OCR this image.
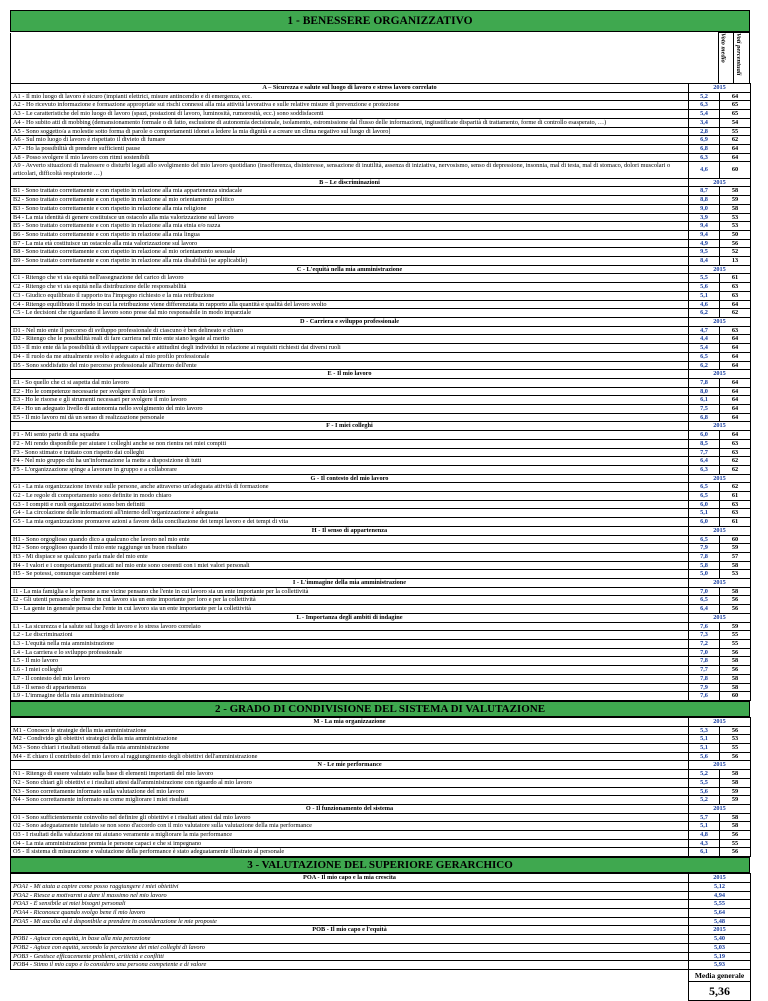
1 - BENESSERE ORGANIZZATIVO
	Voto medio	Voti percentuali
A – Sicurezza e salute sul luogo di lavoro e stress lavoro correlato	2015	
A1 - Il mio luogo di lavoro è sicuro (impianti elettrici, misure antincendio e di emergenza, ecc.	5,2	64
A2 - Ho ricevuto informazione e formazione appropriate sui rischi connessi alla mia attività lavorativa e sulle relative misure di prevenzione e protezione	6,3	65
A3 - Le caratteristiche del mio luogo di lavoro (spazi, postazioni di lavoro, luminosità, rumorosità, ecc.) sono soddisfacenti	5,4	65
A4 - Ho subito atti di mobbing (demansionamento formale o di fatto, esclusione di autonomia decisionale, isolamento, estromissione dal flusso delle informazioni, ingiustificate disparità di trattamento, forme di controllo esasperato, …)	3,4	54
A5 - Sono soggetto/a a molestie sotto forma di parole o comportamenti idonei a ledere la mia dignità e a creare un clima negativo sul luogo di lavoro]	2,8	55
A6 - Sul mio luogo di lavoro è rispettato il divieto di fumare	6,9	62
A7 - Ho la possibilità di prendere sufficienti pause	6,8	64
A8 - Posso svolgere il mio lavoro con ritmi sostenibili	6,3	64
A9 - Avverto situazioni di malessere o disturbi legati allo svolgimento del mio lavoro quotidiano (insofferenza, disinteresse, sensazione di inutilità, assenza di iniziativa, nervosismo, senso di depressione, insonnia, mal di testa, mal di stomaco, dolori muscolari o articolari, difficoltà respiratorie …)	4,6	60
B – Le discriminazioni	2015	
B1 - Sono trattato correttamente e con rispetto in relazione alla mia appartenenza sindacale	8,7	58
B2 - Sono trattato correttamente e con rispetto in relazione al mio orientamento politico	8,8	59
B3 - Sono trattato correttamente e con rispetto in relazione alla mia religione	9,0	58
B4 - La mia identità di genere costituisce un ostacolo alla mia valorizzazione sul lavoro	3,9	53
B5 - Sono trattato correttamente e con rispetto in relazione alla mia etnia e/o razza	9,4	53
B6 - Sono trattato correttamente e con rispetto in relazione alla mia lingua	9,4	50
B7 - La mia età costituisce un ostacolo alla mia valorizzazione sul lavoro	4,9	56
B8 - Sono trattato correttamente e con rispetto in relazione al mio orientamento sessuale	9,5	52
B9 - Sono trattato correttamente e con rispetto in relazione alla mia disabilità (se applicabile)	8,4	13
C - L'equità nella mia amministrazione	2015	
C1 - Ritengo che vi sia equità nell'assegnazione del carico di lavoro	5,5	61
C2 - Ritengo che vi sia equità nella distribuzione delle responsabilità	5,6	63
C3 - Giudico equilibrato il rapporto tra l'impegno richiesto e la mia retribuzione	5,1	63
C4 - Ritengo equilibrato il modo in cui la retribuzione viene differenziata in rapporto alla quantità e qualità del lavoro svolto	4,6	64
C5 - Le decisioni che riguardano il lavoro sono prese dal mio responsabile in modo imparziale	6,2	62
D - Carriera e sviluppo professionale	2015	
D1 - Nel mio ente il percorso di sviluppo professionale di ciascuno è ben delineato e chiaro	4,7	63
D2 - Ritengo che le possibilità reali di fare carriera nel mio ente siano legate al merito	4,4	64
D3 - Il mio ente dà la possibilità di sviluppare capacità e attitudini degli individui in relazione ai requisiti richiesti dai diversi ruoli	5,4	64
D4 - Il ruolo da me attualmente svolto è adeguato al mio profilo professionale	6,5	64
D5 - Sono soddisfatto del mio percorso professionale all'interno dell'ente	6,2	64
E - Il mio lavoro	2015	
E1 - So quello che ci si aspetta dal mio lavoro	7,8	64
E2 - Ho le competenze necessarie per svolgere il mio lavoro	8,0	64
E3 - Ho le risorse e gli strumenti necessari per svolgere il mio lavoro	6,1	64
E4 - Ho un adeguato livello di autonomia nello svolgimento del mio lavoro	7,5	64
E5 - Il mio lavoro mi dà un senso di realizzazione personale	6,8	64
F - I miei colleghi	2015	
F1 - Mi sento parte di una squadra	6,0	64
F2 - Mi rendo disponibile per aiutare i colleghi anche se non rientra nei miei compiti	8,5	63
F3 - Sono stimato e trattato con rispetto dai colleghi	7,7	63
F4 - Nel mio gruppo chi ha un'informazione la mette a disposizione di tutti	6,4	62
F5 - L'organizzazione spinge a lavorare in gruppo e a collaborare	6,3	62
G - Il contesto del mio lavoro	2015	
G1 - La mia organizzazione investe sulle persone, anche attraverso un'adeguata attività di formazione	6,5	62
G2 - Le regole di comportamento sono definite in modo chiaro	6,5	61
G3 - I compiti e ruoli organizzativi sono ben definiti	6,0	63
G4 - La circolazione delle informazioni all'interno dell'organizzazione è adeguata	5,1	63
G5 - La mia organizzazione promuove azioni a favore della conciliazione dei tempi lavoro e dei tempi di vita	6,0	61
H - Il senso di appartenenza	2015	
H1 - Sono orgoglioso quando dico a qualcuno che lavoro nel mio ente	6,5	60
H2 - Sono orgoglioso quando il mio ente raggiunge un buon risultato	7,9	59
H3 - Mi dispiace se qualcuno parla male del mio ente	7,8	57
H4 - I valori e i comportamenti praticati nel mio ente sono coerenti con i miei valori personali	5,8	58
H5 - Se potessi, comunque cambierei ente	5,0	53
I - L'immagine della mia amministrazione	2015	
I1 - La mia famiglia e le persone a me vicine pensano che l'ente in cui lavoro sia un ente importante per la collettività	7,0	58
I2 - Gli utenti pensano che l'ente in cui lavoro sia un ente importante per loro e per la collettività	6,5	56
I3 - La gente in generale pensa che l'ente in cui lavoro sia un ente importante per la collettività	6,4	56
L - Importanza degli ambiti di indagine	2015	
L1 - La sicurezza e la salute sul luogo di lavoro e lo stress lavoro correlato	7,6	59
L2 - Le discriminazioni	7,3	55
L3 - L'equità nella mia amministrazione	7,2	55
L4 - La carriera e lo sviluppo professionale	7,0	56
L5 - Il mio lavoro	7,8	58
L6 - I miei colleghi	7,7	56
L7 - Il contesto del mio lavoro	7,8	58
L8 - Il senso di appartenenza	7,9	58
L9 - L'immagine della mia amministrazione	7,6	60
2 - GRADO DI CONDIVISIONE DEL SISTEMA DI VALUTAZIONE
M - La mia organizzazione	2015	
M1 - Conosco le strategie della mia amministrazione	5,3	56
M2 - Condivido gli obiettivi strategici della mia amministrazione	5,1	53
M3 - Sono chiari i risultati ottenuti dalla mia amministrazione	5,1	55
M4 - È chiaro il contributo del mio lavoro al raggiungimento degli obiettivi dell'amministrazione	5,6	56
N - Le mie performance	2015	
N1 - Ritengo di essere valutato sulla base di elementi importanti del mio lavoro	5,2	58
N2 - Sono chiari gli obiettivi e i risultati attesi dall'amministrazione con riguardo al mio lavoro	5,5	58
N3 - Sono correttamente informato sulla valutazione del mio lavoro	5,6	59
N4 - Sono correttamente informato su come migliorare i miei risultati	5,2	59
O - Il funzionamento del sistema	2015	
O1 - Sono sufficientemente coinvolto nel definire gli obiettivi e i risultati attesi dal mio lavoro	5,7	58
O2 - Sono adeguatamente tutelato se non sono d'accordo con il mio valutatore sulla valutazione della mia performance	5,1	58
O3 - I risultati della valutazione mi aiutano veramente a migliorare la mia performance	4,8	56
O4 - La mia amministrazione premia le persone capaci e che si impegnano	4,3	55
O5 - Il sistema di misurazione e valutazione della performance è stato adeguatamente illustrato al personale	6,1	56
3 - VALUTAZIONE DEL SUPERIORE GERARCHICO
POA - Il mio capo e la mia crescita	2015
POA1 - Mi aiuta a capire come posso raggiungere i miei obiettivi	5,12
POA2 - Riesce a motivarmi a dare il massimo nel mio lavoro	4,94
POA3 - È sensibile ai miei bisogni personali	5,55
POA4 - Riconosce quando svolgo bene il mio lavoro	5,64
POA5 - Mi ascolta ed è disponibile a prendere in considerazione le mie proposte	5,48
POB - Il mio capo e l'equità	2015
POB1 - Agisce con equità, in base alla mia percezione	5,40
POB2 - Agisce con equità, secondo la percezione dei miei colleghi di lavoro	5,03
POB3 - Gestisce efficacemente problemi, criticità e conflitti	5,19
POB4 - Stimo il mio capo e lo considero una persona competente e di valore	5,93
	Media generale
	5,36
